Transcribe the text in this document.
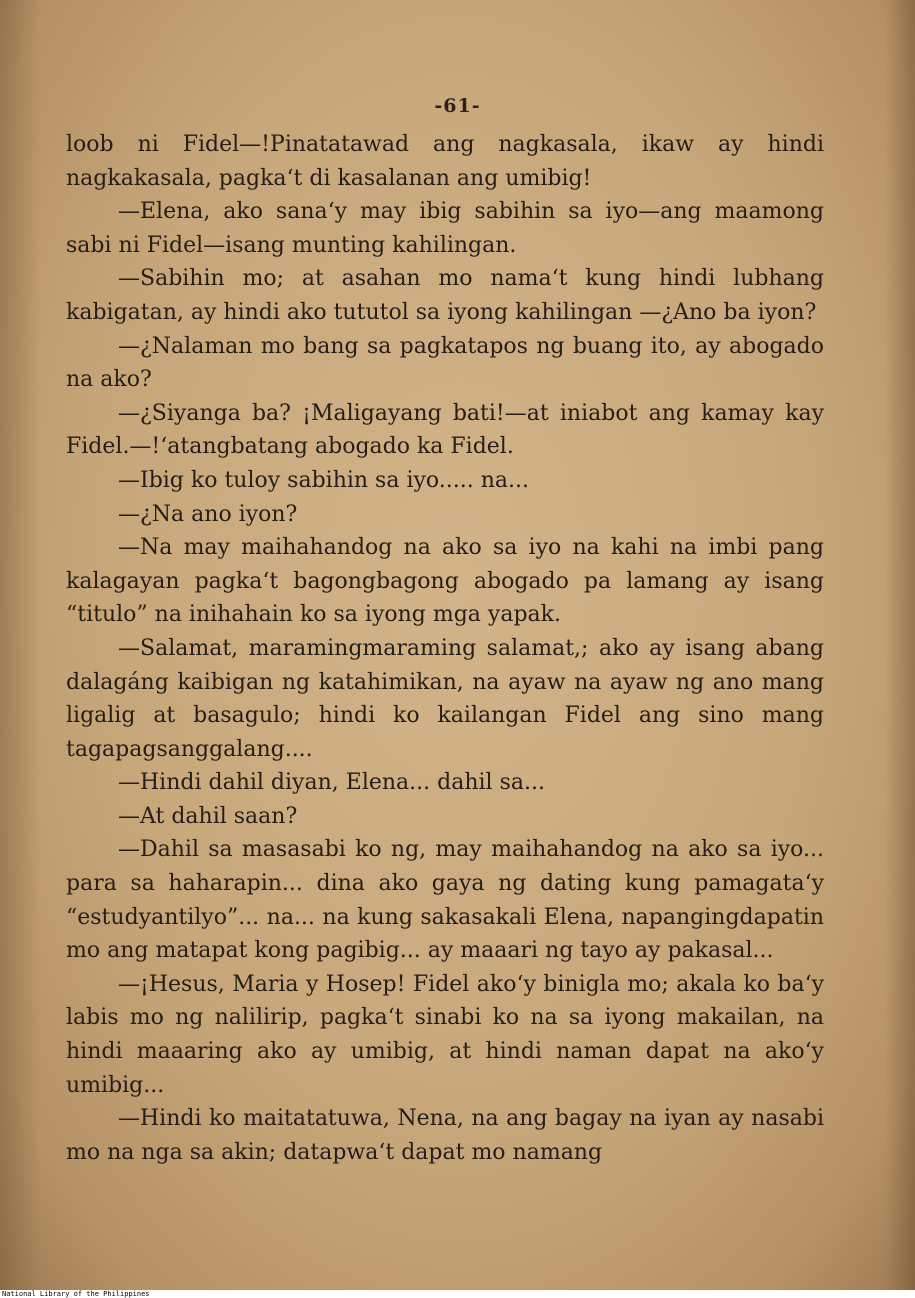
-61-

loob ni Fidel—!Pinatatawad ang nagkasala, ikaw ay hindi nagkakasala, pagka‘t di kasalanan ang umibig!

—Elena, ako sana‘y may ibig sabihin sa iyo—ang maamong sabi ni Fidel—isang munting kahilingan.

—Sabihin mo; at asahan mo nama‘t kung hindi lubhang kabigatan, ay hindi ako tututol sa iyong kahilingan —¿Ano ba iyon?

—¿Nalaman mo bang sa pagkatapos ng buang ito, ay abogado na ako?

—¿Siyanga ba? ¡Maligayang bati!—at iniabot ang kamay kay Fidel.—!‘atangbatang abogado ka Fidel.

—Ibig ko tuloy sabihin sa iyo..... na...

—¿Na ano iyon?

—Na may maihahandog na ako sa iyo na kahi na imbi pang kalagayan pagka‘t bagongbagong abogado pa lamang ay isang “titulo” na inihahain ko sa iyong mga yapak.

—Salamat, maramingmaraming salamat,; ako ay isang abang dalagáng kaibigan ng katahimikan, na ayaw na ayaw ng ano mang ligalig at basagulo; hindi ko kailangan Fidel ang sino mang tagapagsanggalang....

—Hindi dahil diyan, Elena... dahil sa...

—At dahil saan?

—Dahil sa masasabi ko ng, may maihahandog na ako sa iyo... para sa haharapin... dina ako gaya ng dating kung pamagata‘y “estudyantilyo”... na... na kung sakasakali Elena, napangingdapatin mo ang matapat kong pagibig... ay maaari ng tayo ay pakasal...

—¡Hesus, Maria y Hosep! Fidel ako‘y binigla mo; akala ko ba‘y labis mo ng nalilirip, pagka‘t sinabi ko na sa iyong makailan, na hindi maaaring ako ay umibig, at hindi naman dapat na ako‘y umibig...

—Hindi ko maitatatuwa, Nena, na ang bagay na iyan ay nasabi mo na nga sa akin; datapwa‘t dapat mo namang

National Library of the Philippines
